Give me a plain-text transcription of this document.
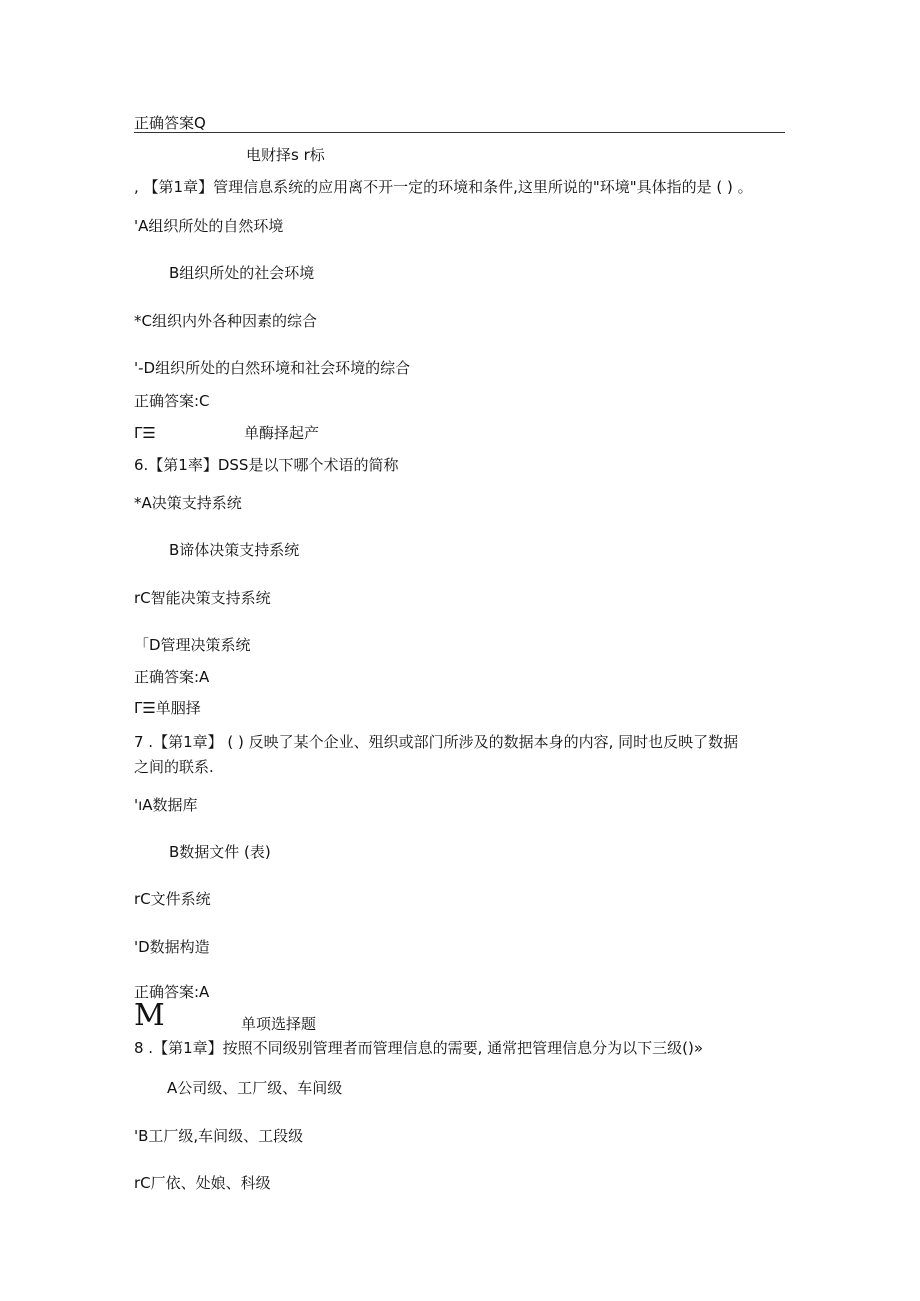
正确答案Q
电财择s r标
, 【第1章】管理信息系统的应用离不开一定的环境和条件,这里所说的"环境"具体指的是 ( ) 。
'A组织所处的自然环境
B组织所处的社会环境
*C组织内外各种因素的综合
'-D组织所处的白然环境和社会环境的综合
正确答案:C
Γ☰	单酶择起产
6.【第1率】DSS是以下哪个术语的简称
*A决策支持系统
B谛体决策支持系统
rC智能决策支持系统
「D管理决策系统
正确答案:A
Γ☰单胭择
7 .【第1章】 ( ) 反映了某个企业、殂织或部门所涉及的数据本身的内容, 同时也反映了数据
之间的联系.
'ıA数据库
B数据文件 (表)
rC文件系统
'D数据构造
正确答案:A
M	单项选择题
8 .【第1章】按照不同级别管理者而管理信息的需要, 通常把管理信息分为以下三级()»
A公司级、工厂级、车间级
'B工厂级,车间级、工段级
rC厂依、处娘、科级
